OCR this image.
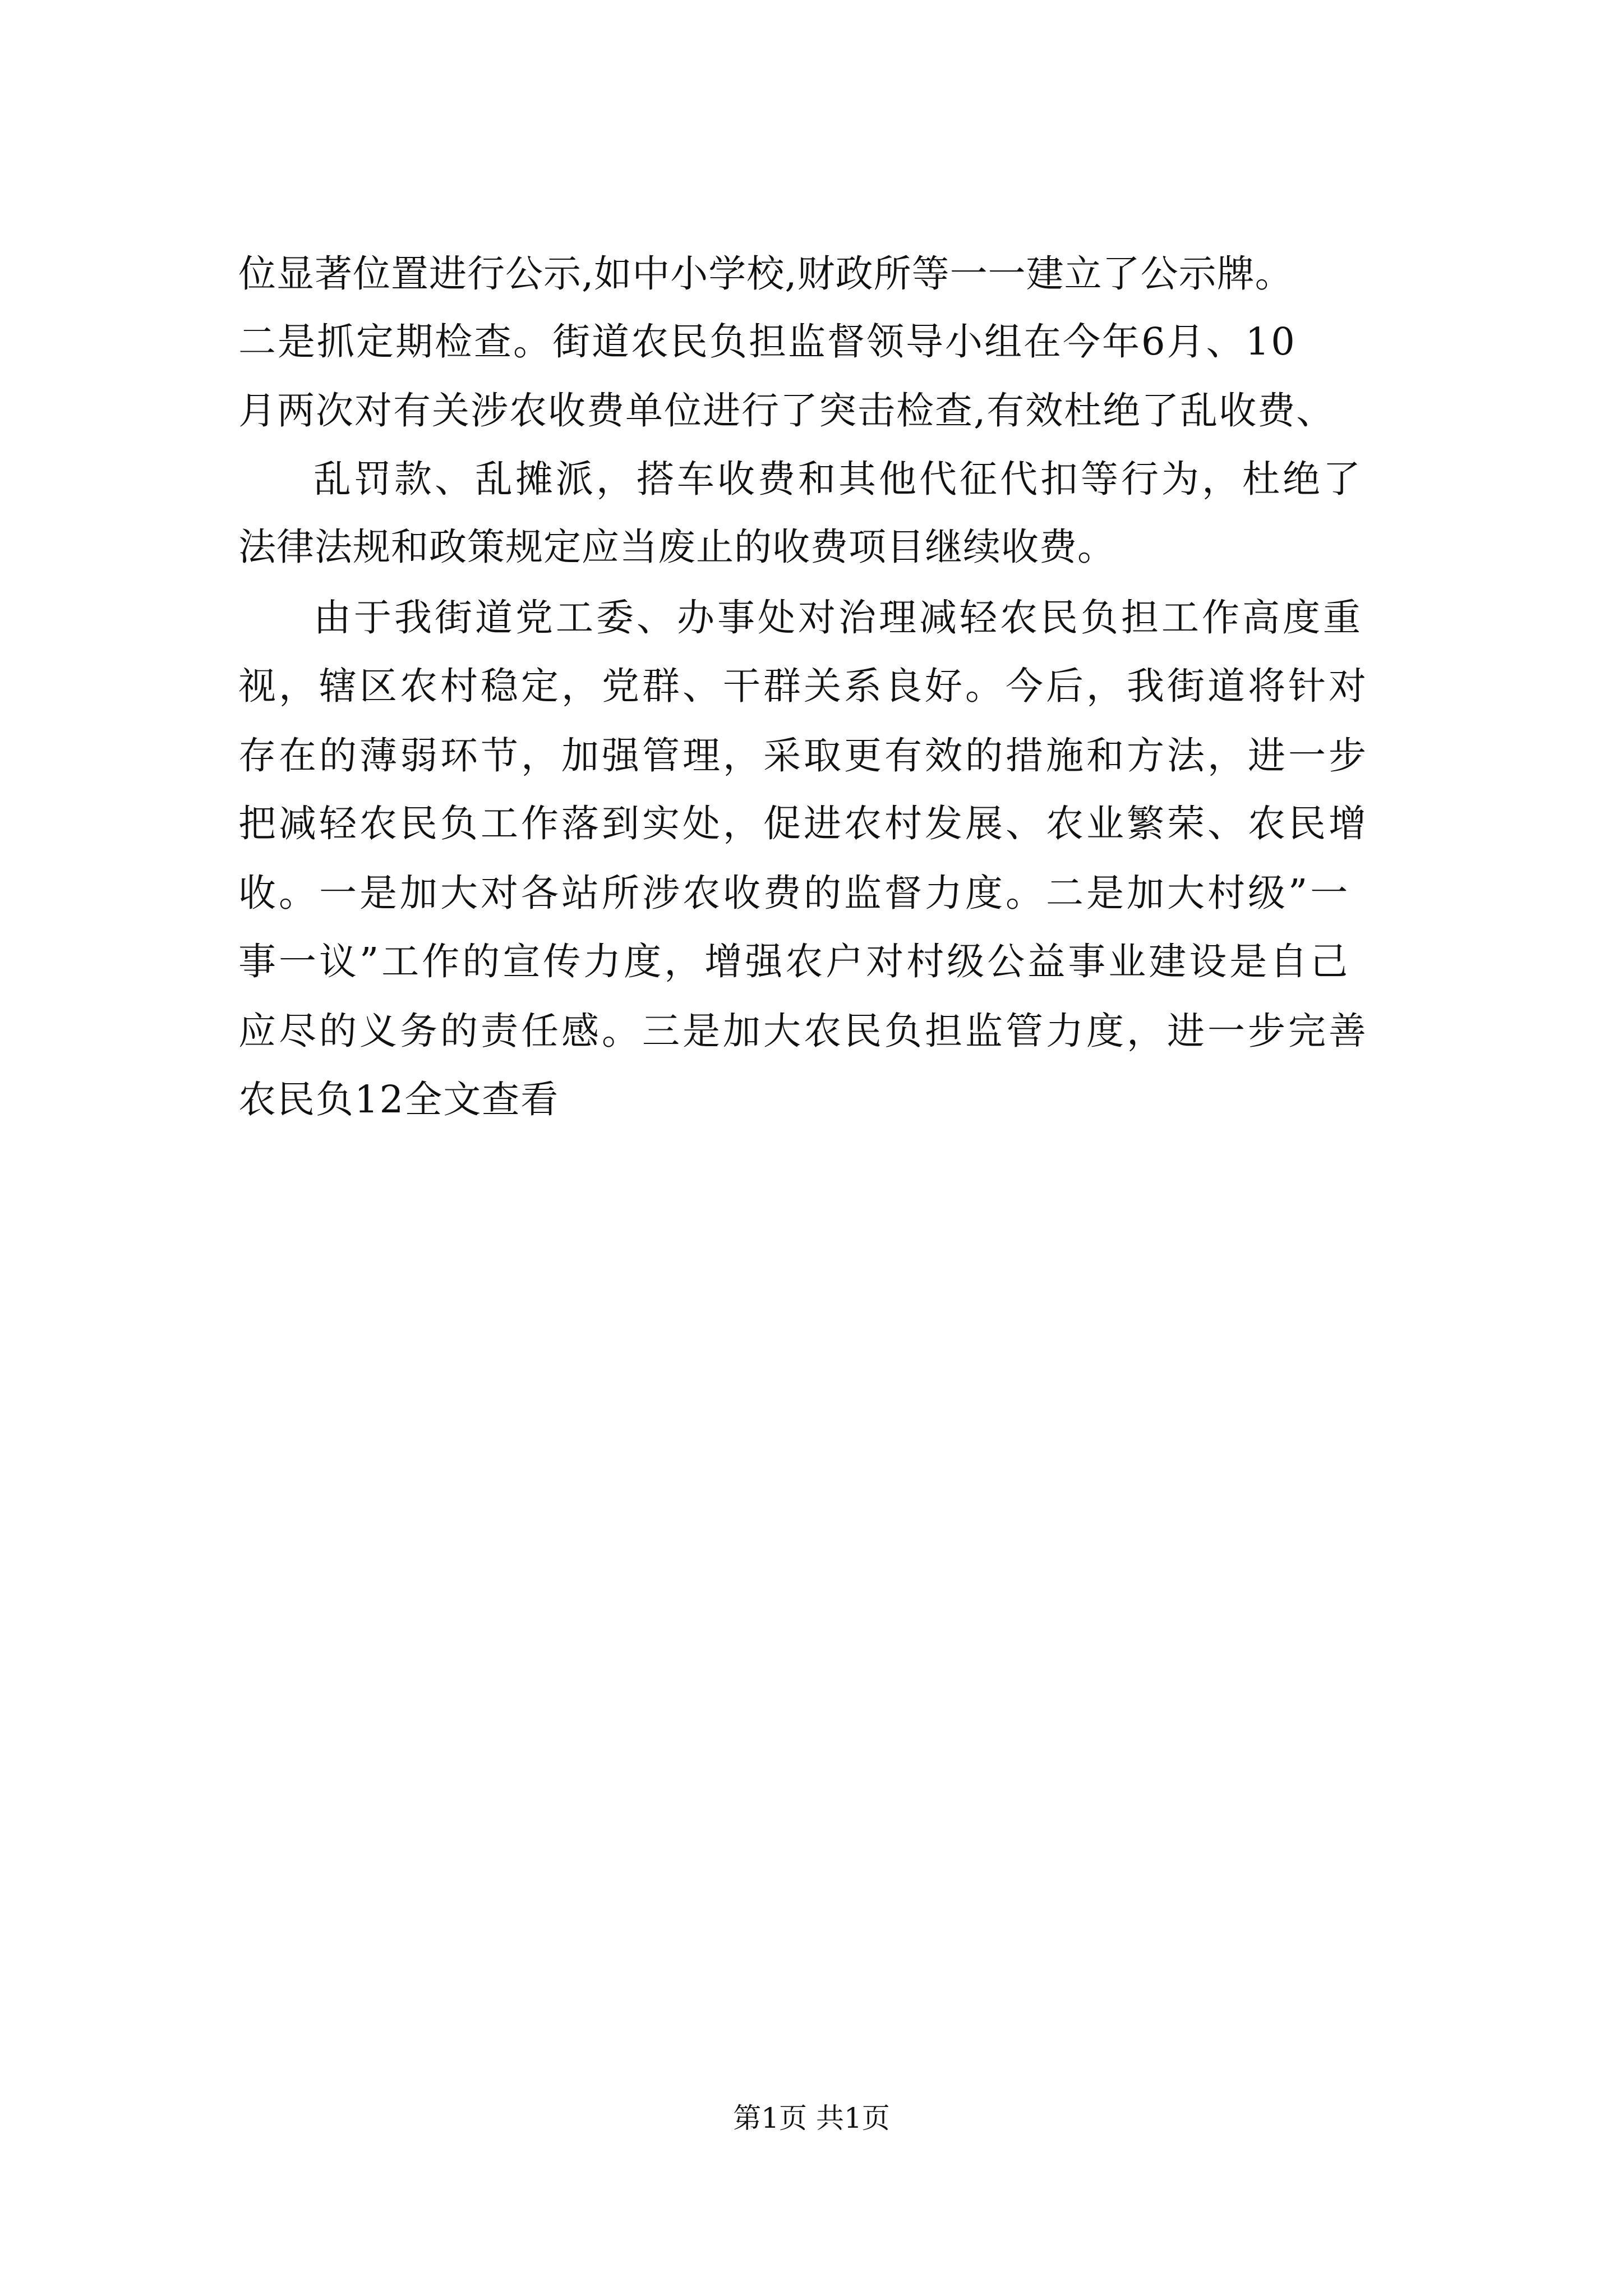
位显著位置进行公示,如中小学校,财政所等一一建立了公示牌。

二是抓定期检查。街道农民负担监督领导小组在今年6月、10

月两次对有关涉农收费单位进行了突击检查,有效杜绝了乱收费、

乱罚款、乱摊派，搭车收费和其他代征代扣等行为，杜绝了

法律法规和政策规定应当废止的收费项目继续收费。

由于我街道党工委、办事处对治理减轻农民负担工作高度重

视，辖区农村稳定，党群、干群关系良好。今后，我街道将针对

存在的薄弱环节，加强管理，采取更有效的措施和方法，进一步

把减轻农民负工作落到实处，促进农村发展、农业繁荣、农民增

收。一是加大对各站所涉农收费的监督力度。二是加大村级”一

事一议”工作的宣传力度，增强农户对村级公益事业建设是自己

应尽的义务的责任感。三是加大农民负担监管力度，进一步完善

农民负12全文查看

第1页 共1页
